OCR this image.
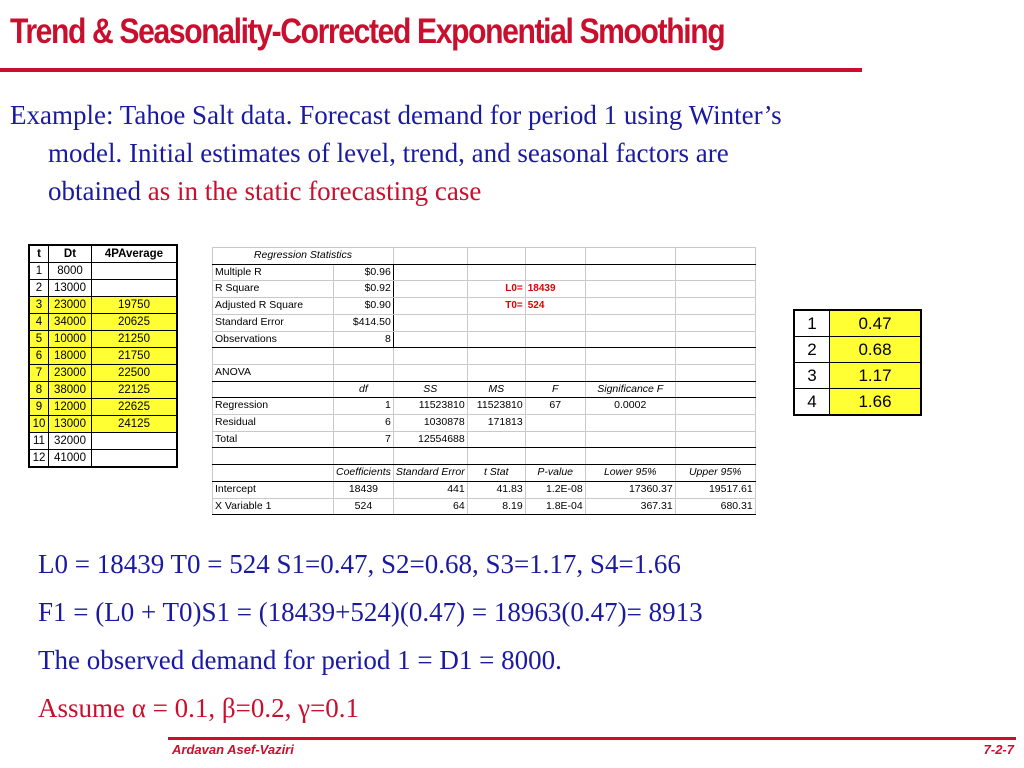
Trend & Seasonality-Corrected Exponential Smoothing
Example: Tahoe Salt data. Forecast demand for period 1 using Winter’s
model. Initial estimates of level, trend, and seasonal factors are
obtained as in the static forecasting case
t	Dt	4PAverage
1	8000	
2	13000	
3	23000	19750
4	34000	20625
5	10000	21250
6	18000	21750
7	23000	22500
8	38000	22125
9	12000	22625
10	13000	24125
11	32000	
12	41000	
Regression Statistics						
Multiple R	$0.96					
R Square	$0.92		L0=	18439		
Adjusted R Square	$0.90		T0=	524		
Standard Error	$414.50					
Observations	8					

ANOVA						
	df	SS	MS	F	Significance F	
Regression	1	11523810	11523810	67	0.0002	
Residual	6	1030878	171813			
Total	7	12554688				

	Coefficients	Standard Error	t Stat	P-value	Lower 95%	Upper 95%
Intercept	18439	441	41.83	1.2E-08	17360.37	19517.61
X Variable 1	524	64	8.19	1.8E-04	367.31	680.31
1	0.47
2	0.68
3	1.17
4	1.66
L0 = 18439 T0 = 524 S1=0.47, S2=0.68, S3=1.17, S4=1.66
F1 = (L0 + T0)S1 = (18439+524)(0.47) = 18963(0.47)= 8913
The observed demand for period 1 = D1 = 8000.
Assume α = 0.1, β=0.2, γ=0.1
Ardavan Asef-Vaziri	7-2-7
